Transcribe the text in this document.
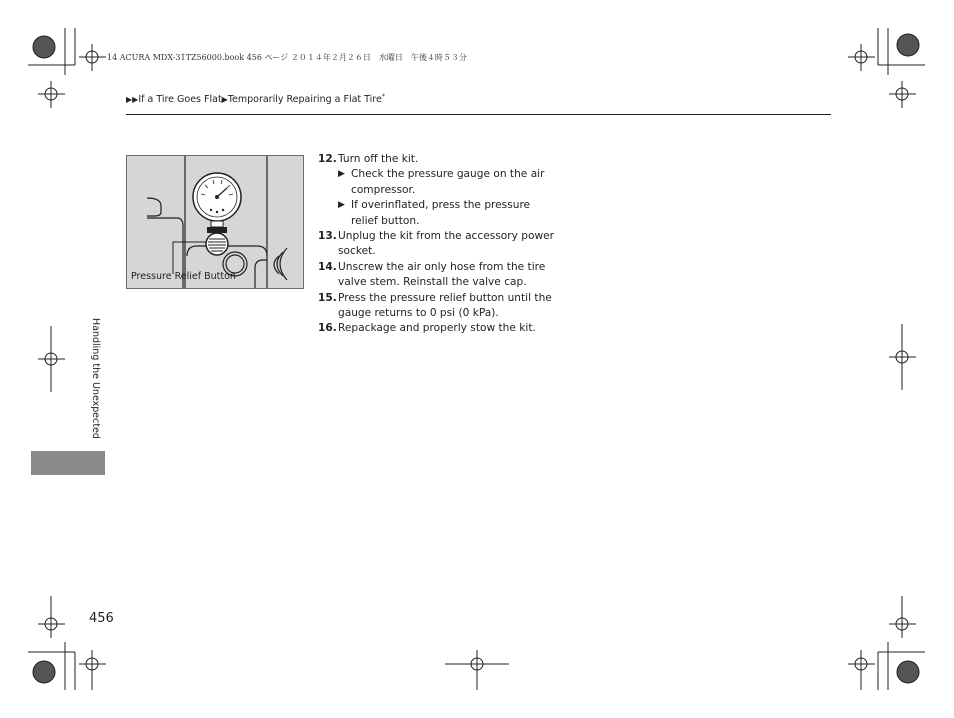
14 ACURA MDX-31TZ56000.book 456 ページ ２０１４年２月２６日　水曜日　午後４時５３分
▶▶If a Tire Goes Flat▶Temporarily Repairing a Flat Tire*
Pressure Relief Button
12. Turn off the kit.
▶ Check the pressure gauge on the air compressor.
▶ If overinflated, press the pressure relief button.
13. Unplug the kit from the accessory power socket.
14. Unscrew the air only hose from the tire valve stem. Reinstall the valve cap.
15. Press the pressure relief button until the gauge returns to 0 psi (0 kPa).
16. Repackage and properly stow the kit.
Handling the Unexpected
456
